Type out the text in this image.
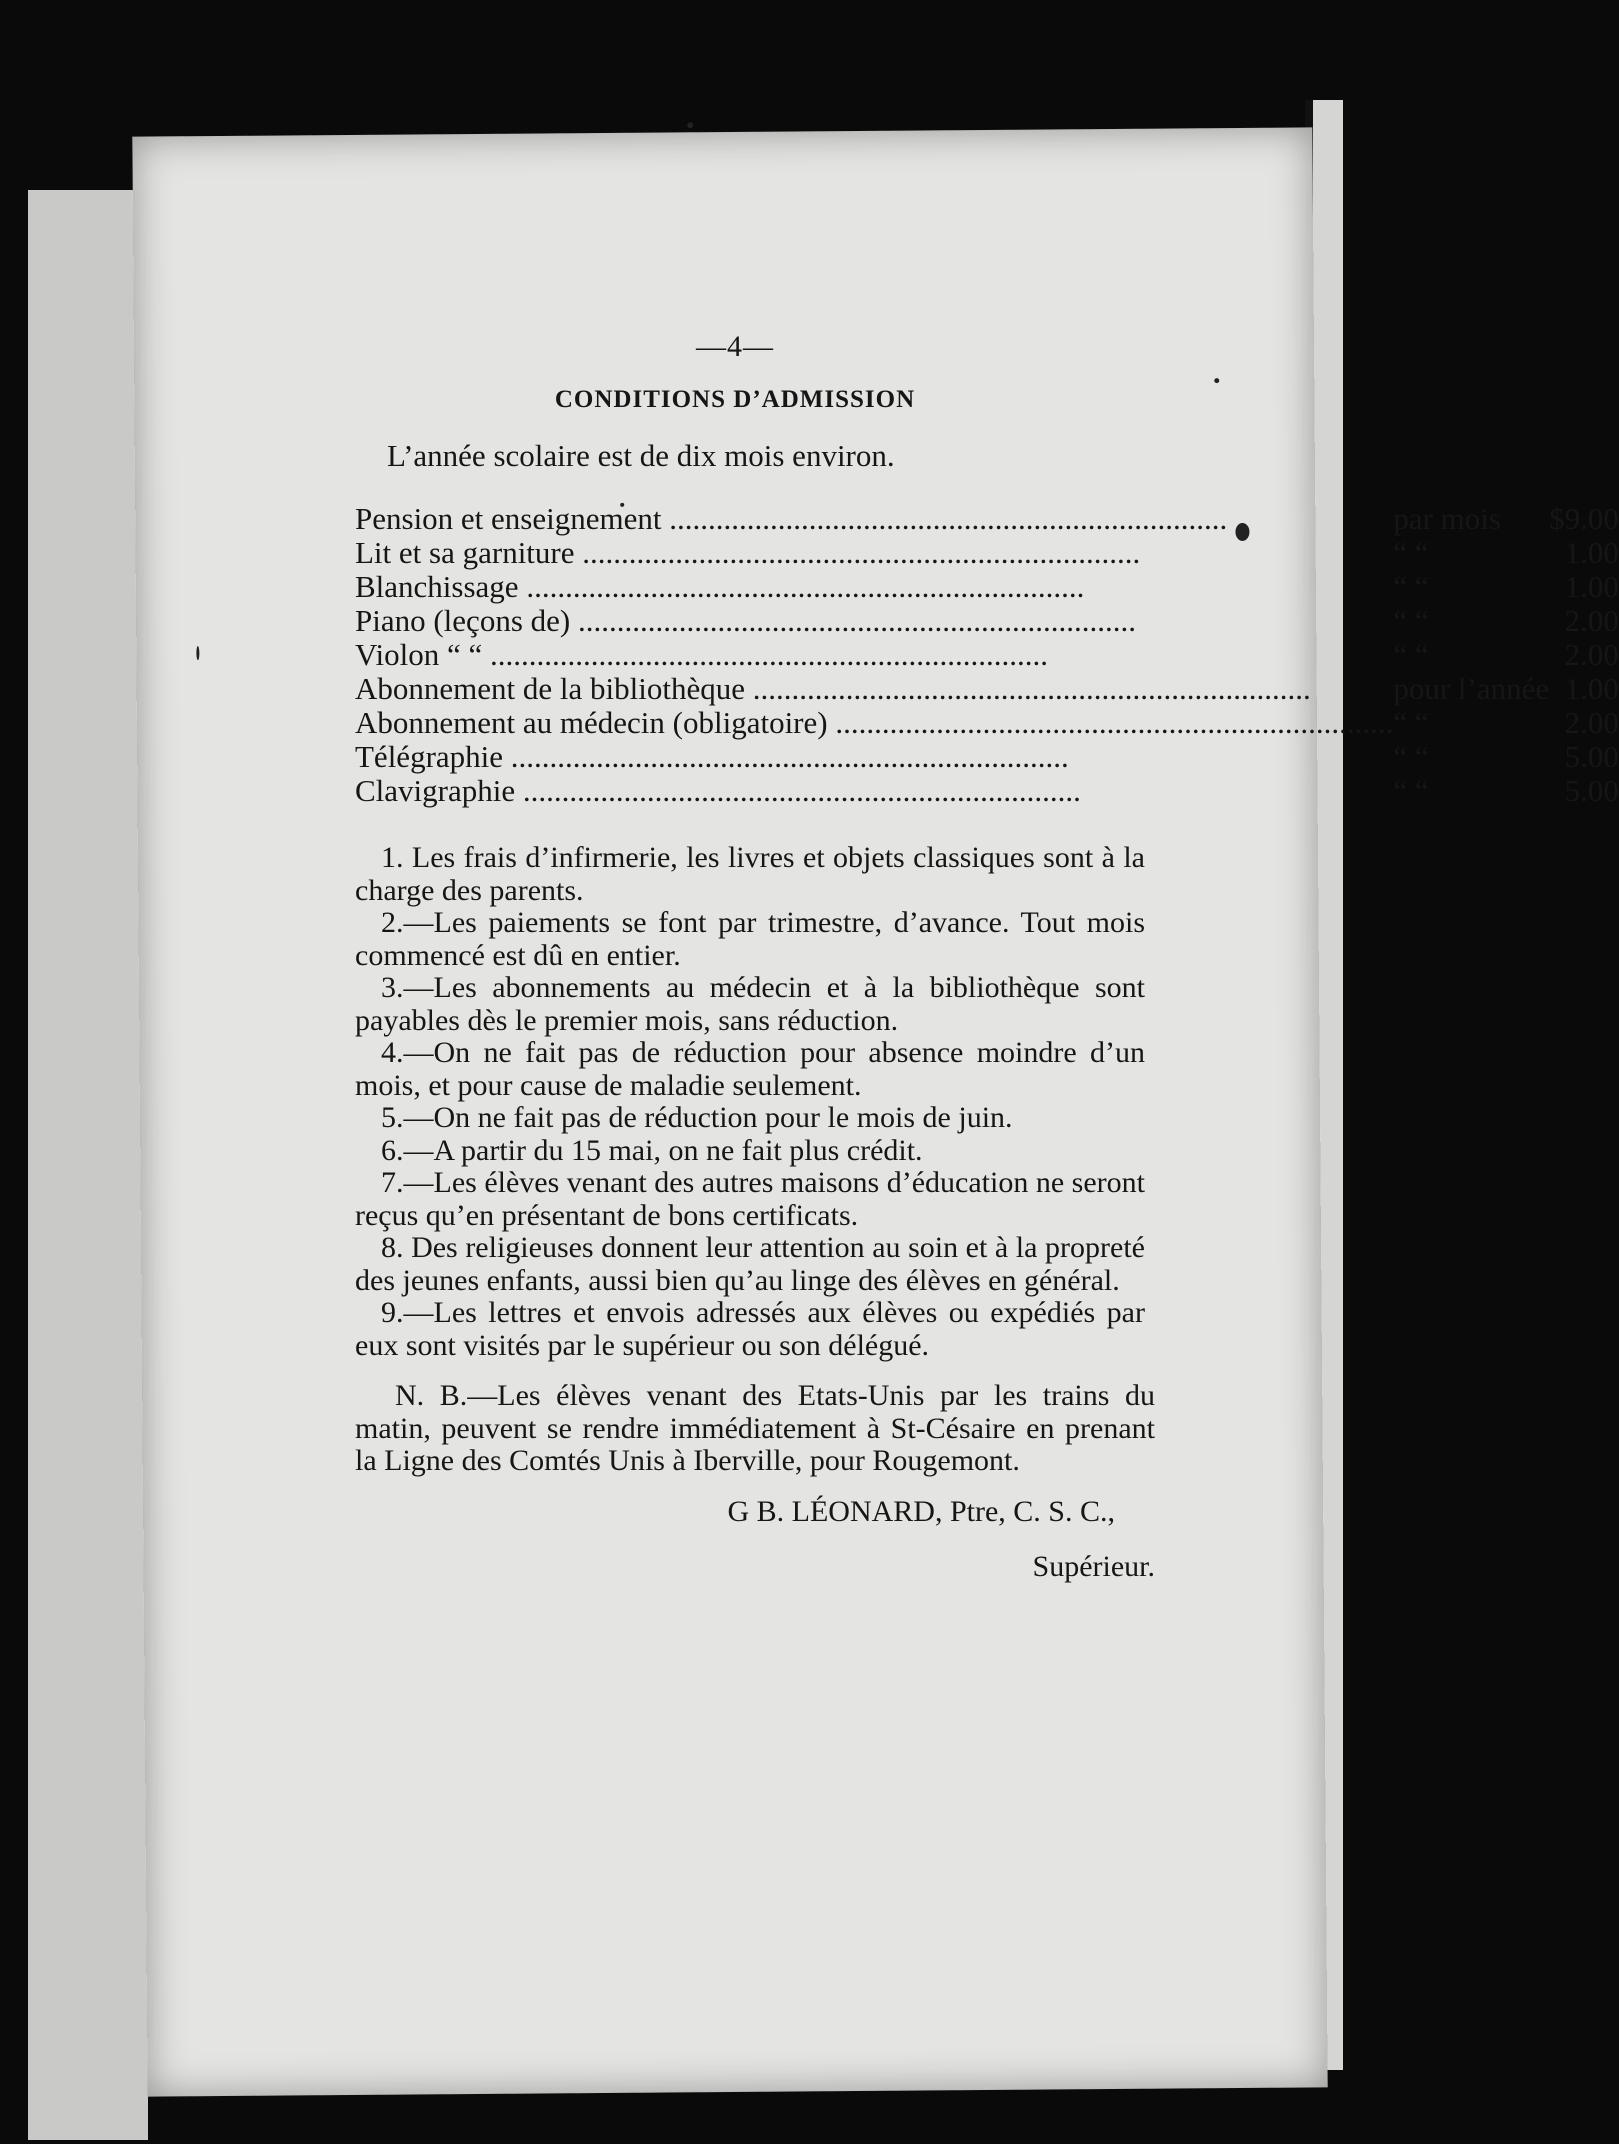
—4—
CONDITIONS D’ADMISSION
L’année scolaire est de dix mois environ.
Pension et enseignement .....	par mois	$9.00
Lit et sa garniture .....	“ “	1.00
Blanchissage .....	“ “	1.00
Piano (leçons de) .....	“ “	2.00
Violon “ “ .....	“ “	2.00
Abonnement de la bibliothèque .....	pour l’année	1.00
Abonnement au médecin (obligatoire) .....	“ “	2.00
Télégraphie .....	“ “	5.00
Clavigraphie .....	“ “	5.00

1. Les frais d’infirmerie, les livres et objets classiques sont à la charge des parents.

2.—Les paiements se font par trimestre, d’avance. Tout mois commencé est dû en entier.

3.—Les abonnements au médecin et à la bibliothèque sont payables dès le premier mois, sans réduction.

4.—On ne fait pas de réduction pour absence moindre d’un mois, et pour cause de maladie seulement.

5.—On ne fait pas de réduction pour le mois de juin.

6.—A partir du 15 mai, on ne fait plus crédit.

7.—Les élèves venant des autres maisons d’éducation ne seront reçus qu’en présentant de bons certificats.

8. Des religieuses donnent leur attention au soin et à la propreté des jeunes enfants, aussi bien qu’au linge des élèves en général.

9.—Les lettres et envois adressés aux élèves ou expédiés par eux sont visités par le supérieur ou son délégué.

N. B.—Les élèves venant des Etats-Unis par les trains du matin, peuvent se rendre immédiatement à St-Césaire en prenant la Ligne des Comtés Unis à Iberville, pour Rougemont.
G B. LÉONARD, Ptre, C. S. C.,
Supérieur.
